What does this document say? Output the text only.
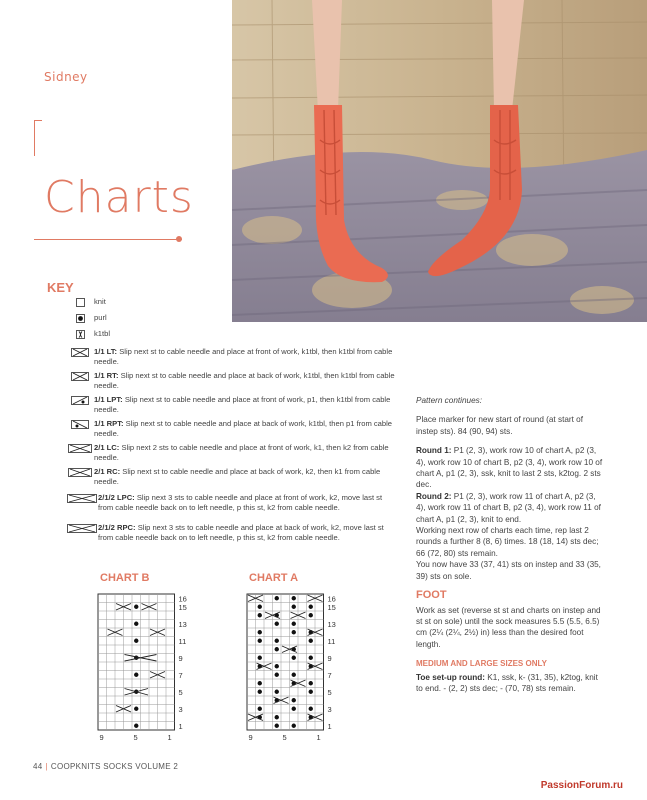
Sidney
Charts
KEY
knit
purl
k1tbl
1/1 LT: Slip next st to cable needle and place at front of work, k1tbl, then k1tbl from cable needle.
1/1 RT: Slip next st to cable needle and place at back of work, k1tbl, then k1tbl from cable needle.
1/1 LPT: Slip next st to cable needle and place at front of work, p1, then k1tbl from cable needle.
1/1 RPT: Slip next st to cable needle and place at back of work, k1tbl, then p1 from cable needle.
2/1 LC: Slip next 2 sts to cable needle and place at front of work, k1, then k2 from cable needle.
2/1 RC: Slip next st to cable needle and place at back of work, k2, then k1 from cable needle.
2/1/2 LPC: Slip next 3 sts to cable needle and place at front of work, k2, move last st from cable needle back on to left needle, p this st, k2 from cable needle.
2/1/2 RPC: Slip next 3 sts to cable needle and place at back of work, k2, move last st from cable needle back on to left needle, p this st, k2 from cable needle.

Pattern continues:

Place marker for new start of round (at start of instep sts). 84 (90, 94) sts.

Round 1: P1 (2, 3), work row 10 of chart A, p2 (3, 4), work row 10 of chart B, p2 (3, 4), work row 10 of chart A, p1 (2, 3), ssk, knit to last 2 sts, k2tog. 2 sts dec.

Round 2: P1 (2, 3), work row 11 of chart A, p2 (3, 4), work row 11 of chart B, p2 (3, 4), work row 11 of chart A, p1 (2, 3), knit to end.

Working next row of charts each time, rep last 2 rounds a further 8 (8, 6) times. 18 (18, 14) sts dec; 66 (72, 80) sts remain.

You now have 33 (37, 41) sts on instep and 33 (35, 39) sts on sole.

FOOT

Work as set (reverse st st and charts on instep and st st on sole) until the sock measures 5.5 (5.5, 6.5) cm (2¼ (2¼, 2½) in) less than the desired foot length.

MEDIUM AND LARGE SIZES ONLY

Toe set-up round: K1, ssk, k- (31, 35), k2tog, knit to end. - (2, 2) sts dec; - (70, 78) sts remain.

CHART B	CHART A
16
15
13
11
9
7
5
3
1
9	5	1
16
15
13
11
9
7
5
3
1
9	5	1
44 | COOPKNITS SOCKS VOLUME 2
PassionForum.ru
